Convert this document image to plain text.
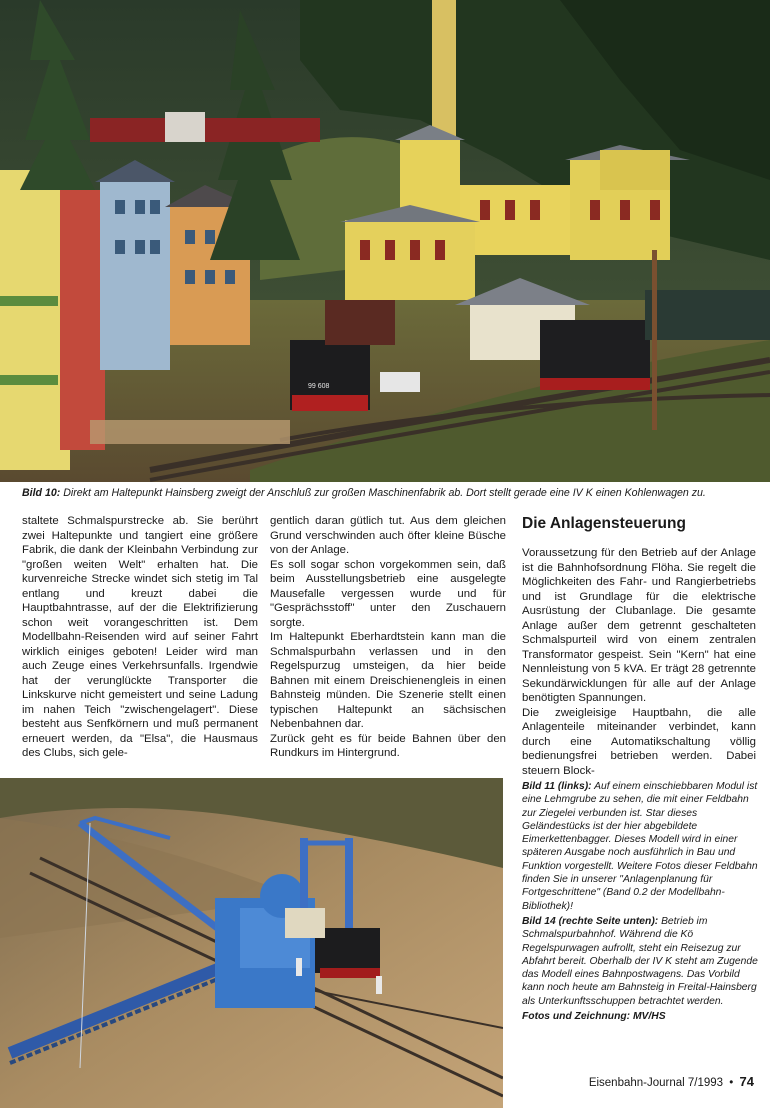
99 608
Bild 10: Direkt am Haltepunkt Hainsberg zweigt der Anschluß zur großen Maschinenfabrik ab. Dort stellt gerade eine IV K einen Kohlenwagen zu.

staltete Schmalspurstrecke ab. Sie berührt zwei Haltepunkte und tangiert eine größere Fabrik, die dank der Kleinbahn Verbindung zur "großen weiten Welt" erhalten hat. Die kurvenreiche Strecke windet sich stetig im Tal entlang und kreuzt dabei die Hauptbahntrasse, auf der die Elektrifizierung schon weit vorangeschritten ist. Dem Modellbahn-Reisenden wird auf seiner Fahrt wirklich einiges geboten! Leider wird man auch Zeuge eines Verkehrsunfalls. Irgendwie hat der verunglückte Transporter die Linkskurve nicht gemeistert und seine Ladung im nahen Teich "zwischengelagert". Diese besteht aus Senfkörnern und muß permanent erneuert werden, da "Elsa", die Hausmaus des Clubs, sich gele-

gentlich daran gütlich tut. Aus dem gleichen Grund verschwinden auch öfter kleine Büsche von der Anlage.

Es soll sogar schon vorgekommen sein, daß beim Ausstellungsbetrieb eine ausgelegte Mausefalle vergessen wurde und für "Gesprächsstoff" unter den Zuschauern sorgte.

Im Haltepunkt Eberhardtstein kann man die Schmalspurbahn verlassen und in den Regelspurzug umsteigen, da hier beide Bahnen mit einem Dreischienengleis in einen Bahnsteig münden. Die Szenerie stellt einen typischen Haltepunkt an sächsischen Nebenbahnen dar.

Zurück geht es für beide Bahnen über den Rundkurs im Hintergrund.

Die Anlagensteuerung

Voraussetzung für den Betrieb auf der Anlage ist die Bahnhofsordnung Flöha. Sie regelt die Möglichkeiten des Fahr- und Rangierbetriebs und ist Grundlage für die elektrische Ausrüstung der Clubanlage. Die gesamte Anlage außer dem getrennt geschalteten Schmalspurteil wird von einem zentralen Transformator gespeist. Sein "Kern" hat eine Nennleistung von 5 kVA. Er trägt 28 getrennte Sekundärwicklungen für alle auf der Anlage benötigten Spannungen.

Die zweigleisige Hauptbahn, die alle Anlagenteile miteinander verbindet, kann durch eine Automatikschaltung völlig bedienungsfrei betrieben werden. Dabei steuern Block-

Bild 11 (links): Auf einem einschiebbaren Modul ist eine Lehmgrube zu sehen, die mit einer Feldbahn zur Ziegelei verbunden ist. Star dieses Geländestücks ist der hier abgebildete Eimerkettenbagger. Dieses Modell wird in einer späteren Ausgabe noch ausführlich in Bau und Funktion vorgestellt. Weitere Fotos dieser Feldbahn finden Sie in unserer "Anlagenplanung für Fortgeschrittene" (Band 0.2 der Modellbahn-Bibliothek)!

Bild 14 (rechte Seite unten): Betrieb im Schmalspurbahnhof. Während die Kö Regelspurwagen aufrollt, steht ein Reisezug zur Abfahrt bereit. Oberhalb der IV K steht am Zugende das Modell eines Bahnpostwagens. Das Vorbild kann noch heute am Bahnsteig in Freital-Hainsberg als Unterkunftsschuppen betrachtet werden.

Fotos und Zeichnung: MV/HS

Eisenbahn-Journal 7/1993 • 74
